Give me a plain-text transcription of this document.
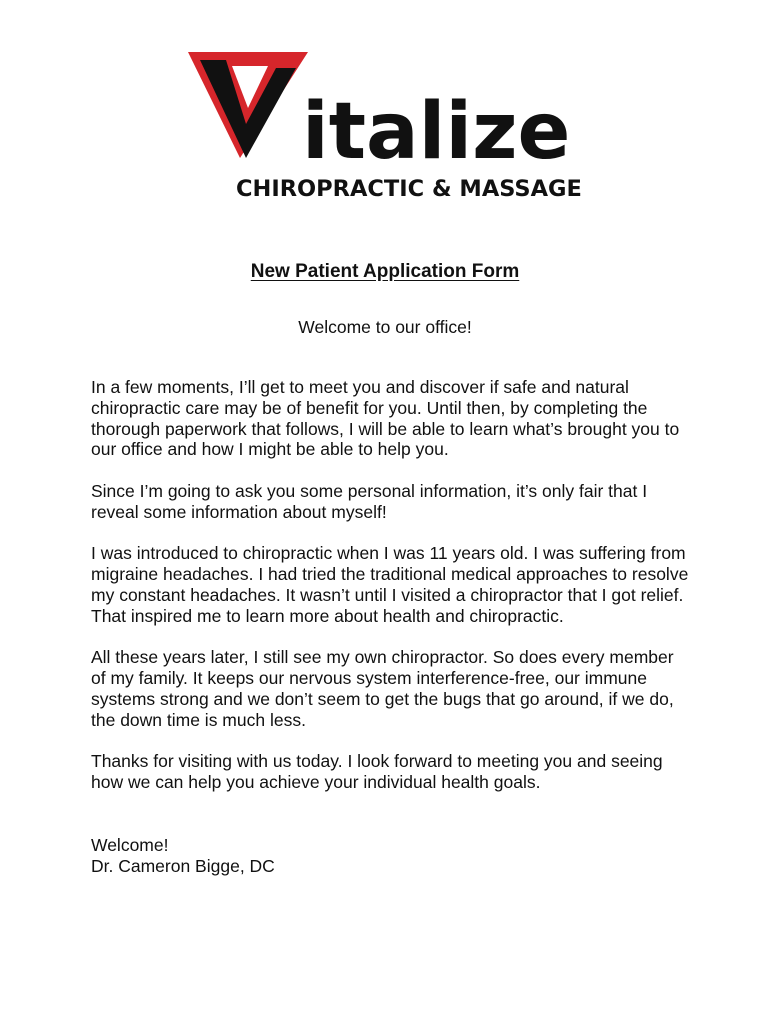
italize
CHIROPRACTIC & MASSAGE
New Patient Application Form
Welcome to our office!

In a few moments, I’ll get to meet you and discover if safe and natural chiropractic care may be of benefit for you. Until then, by completing the thorough paperwork that follows, I will be able to learn what’s brought you to our office and how I might be able to help you.

Since I’m going to ask you some personal information, it’s only fair that I reveal some information about myself!

I was introduced to chiropractic when I was 11 years old. I was suffering from migraine headaches. I had tried the traditional medical approaches to resolve my constant headaches. It wasn’t until I visited a chiropractor that I got relief. That inspired me to learn more about health and chiropractic.

All these years later, I still see my own chiropractor. So does every member of my family. It keeps our nervous system interference-free, our immune systems strong and we don’t seem to get the bugs that go around, if we do, the down time is much less.

Thanks for visiting with us today. I look forward to meeting you and seeing how we can help you achieve your individual health goals.

Welcome!
Dr. Cameron Bigge, DC
